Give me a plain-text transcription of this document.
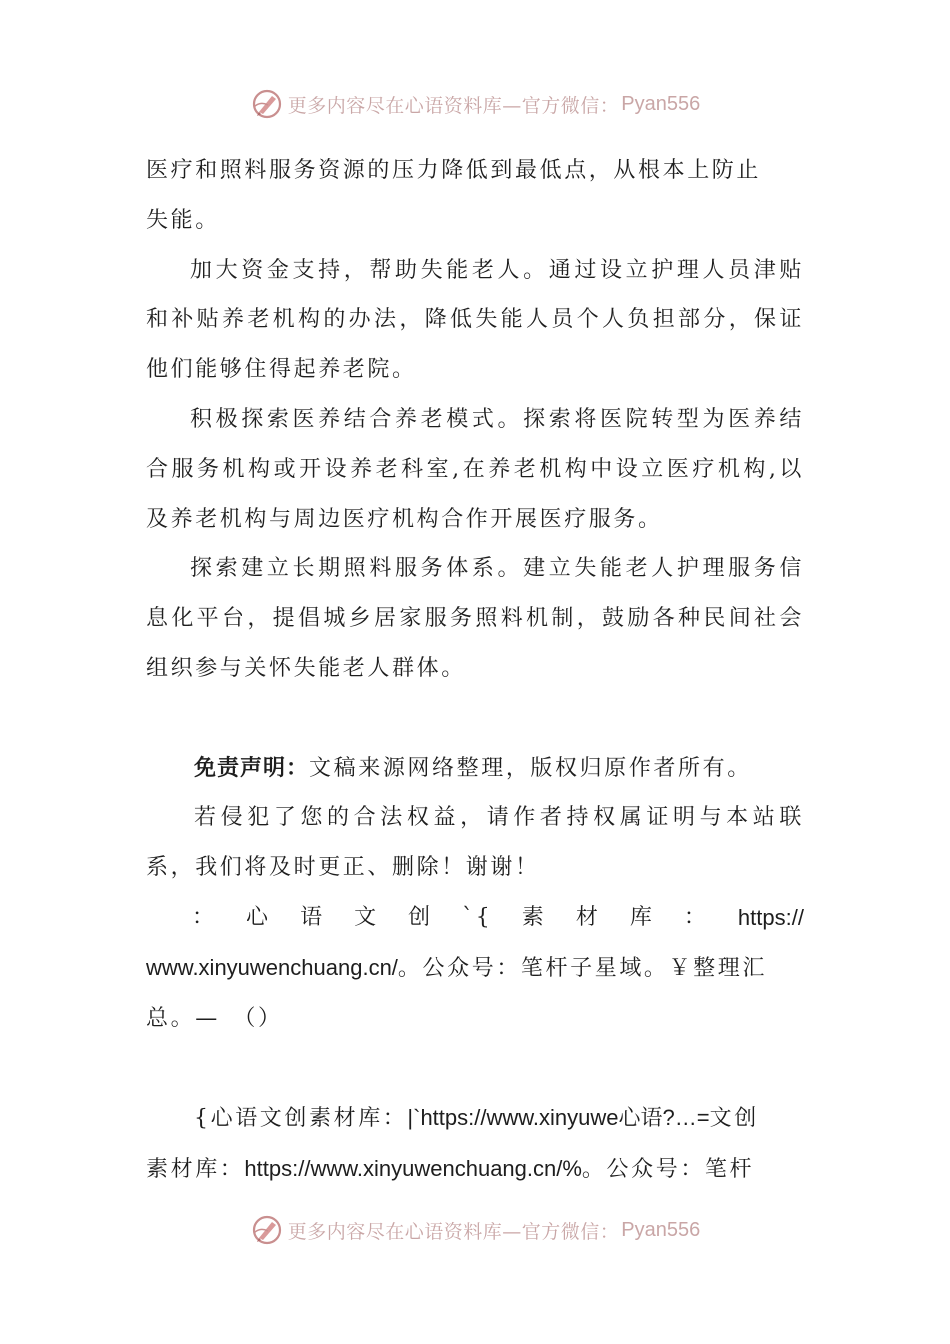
更多内容尽在心语资料库—官方微信： Pyan556

医疗和照料服务资源的压力降低到最低点，从根本上防止

失能。

加大资金支持，帮助失能老人。通过设立护理人员津贴和补贴养老机构的办法，降低失能人员个人负担部分，保证他们能够住得起养老院。

积极探索医养结合养老模式。探索将医院转型为医养结合服务机构或开设养老科室,在养老机构中设立医疗机构,以及养老机构与周边医疗机构合作开展医疗服务。

探索建立长期照料服务体系。建立失能老人护理服务信息化平台，提倡城乡居家服务照料机制，鼓励各种民间社会组织参与关怀失能老人群体。

免责声明：文稿来源网络整理，版权归原作者所有。

若侵犯了您的合法权益，请作者持权属证明与本站联系，我们将及时更正、删除！谢谢！

： 心 语 文 创 `{ 素 材 库 ： https://

www.xinyuwenchuang.cn/。公众号：笔杆子星域。￥整理汇

总。—　（）

{心语文创素材库：|`https://www.xinyuwe心语?…=文创

素材库：https://www.xinyuwenchuang.cn/%。公众号：笔杆

更多内容尽在心语资料库—官方微信： Pyan556
